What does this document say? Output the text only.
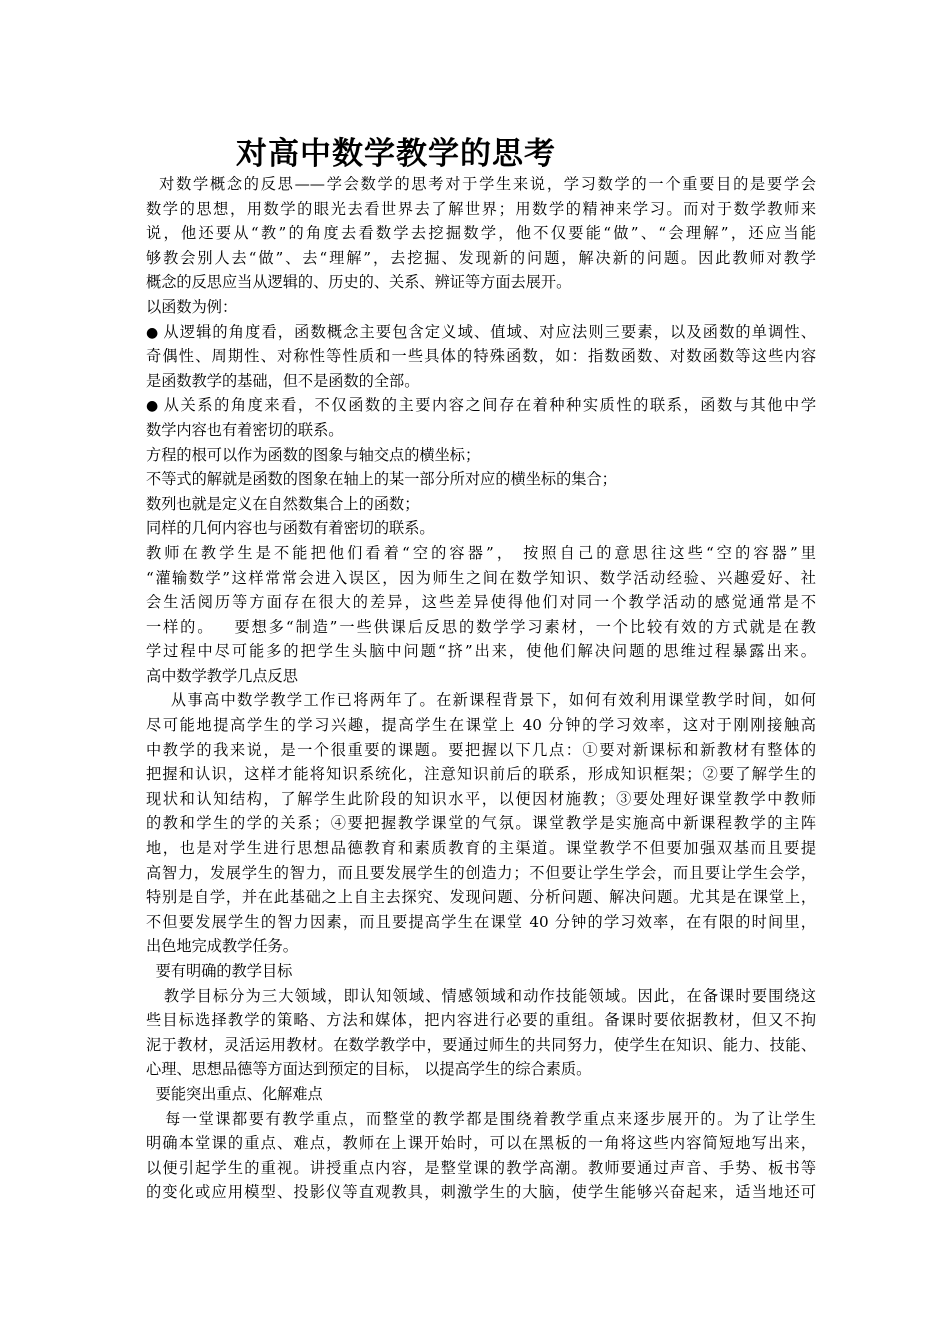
对高中数学教学的思考
对数学概念的反思——学会数学的思考对于学生来说，学习数学的一个重要目的是要学会
数学的思想，用数学的眼光去看世界去了解世界；用数学的精神来学习。而对于数学教师来
说，他还要从“教”的角度去看数学去挖掘数学，他不仅要能“做”、“会理解”，还应当能
够教会别人去“做”、去“理解”，去挖掘、发现新的问题，解决新的问题。因此教师对教学
概念的反思应当从逻辑的、历史的、关系、辨证等方面去展开。
以函数为例：
● 从逻辑的角度看，函数概念主要包含定义域、值域、对应法则三要素，以及函数的单调性、
奇偶性、周期性、对称性等性质和一些具体的特殊函数，如：指数函数、对数函数等这些内容
是函数教学的基础，但不是函数的全部。
● 从关系的角度来看，不仅函数的主要内容之间存在着种种实质性的联系，函数与其他中学
数学内容也有着密切的联系。
方程的根可以作为函数的图象与轴交点的横坐标；
不等式的解就是函数的图象在轴上的某一部分所对应的横坐标的集合；
数列也就是定义在自然数集合上的函数；
同样的几何内容也与函数有着密切的联系。
教师在教学生是不能把他们看着“空的容器”， 按照自己的意思往这些“空的容器”里
“灌输数学”这样常常会进入误区，因为师生之间在数学知识、数学活动经验、兴趣爱好、社
会生活阅历等方面存在很大的差异，这些差异使得他们对同一个教学活动的感觉通常是不
一样的。   要想多“制造”一些供课后反思的数学学习素材，一个比较有效的方式就是在教
学过程中尽可能多的把学生头脑中问题“挤”出来，使他们解决问题的思维过程暴露出来。
高中数学教学几点反思
从事高中数学教学工作已将两年了。在新课程背景下，如何有效利用课堂教学时间，如何
尽可能地提高学生的学习兴趣，提高学生在课堂上 40 分钟的学习效率，这对于刚刚接触高
中教学的我来说，是一个很重要的课题。要把握以下几点：①要对新课标和新教材有整体的
把握和认识，这样才能将知识系统化，注意知识前后的联系，形成知识框架；②要了解学生的
现状和认知结构，了解学生此阶段的知识水平，以便因材施教；③要处理好课堂教学中教师
的教和学生的学的关系；④要把握教学课堂的气氛。课堂教学是实施高中新课程教学的主阵
地，也是对学生进行思想品德教育和素质教育的主渠道。课堂教学不但要加强双基而且要提
高智力，发展学生的智力，而且要发展学生的创造力；不但要让学生学会，而且要让学生会学，
特别是自学，并在此基础之上自主去探究、发现问题、分析问题、解决问题。尤其是在课堂上，
不但要发展学生的智力因素，而且要提高学生在课堂 40 分钟的学习效率，在有限的时间里，
出色地完成教学任务。
要有明确的教学目标
教学目标分为三大领域，即认知领域、情感领域和动作技能领域。因此，在备课时要围绕这
些目标选择教学的策略、方法和媒体，把内容进行必要的重组。备课时要依据教材，但又不拘
泥于教材，灵活运用教材。在数学教学中，要通过师生的共同努力，使学生在知识、能力、技能、
心理、思想品德等方面达到预定的目标， 以提高学生的综合素质。
要能突出重点、化解难点
每一堂课都要有教学重点，而整堂的教学都是围绕着教学重点来逐步展开的。为了让学生
明确本堂课的重点、难点，教师在上课开始时，可以在黑板的一角将这些内容简短地写出来，
以便引起学生的重视。讲授重点内容，是整堂课的教学高潮。教师要通过声音、手势、板书等
的变化或应用模型、投影仪等直观教具，刺激学生的大脑，使学生能够兴奋起来，适当地还可
